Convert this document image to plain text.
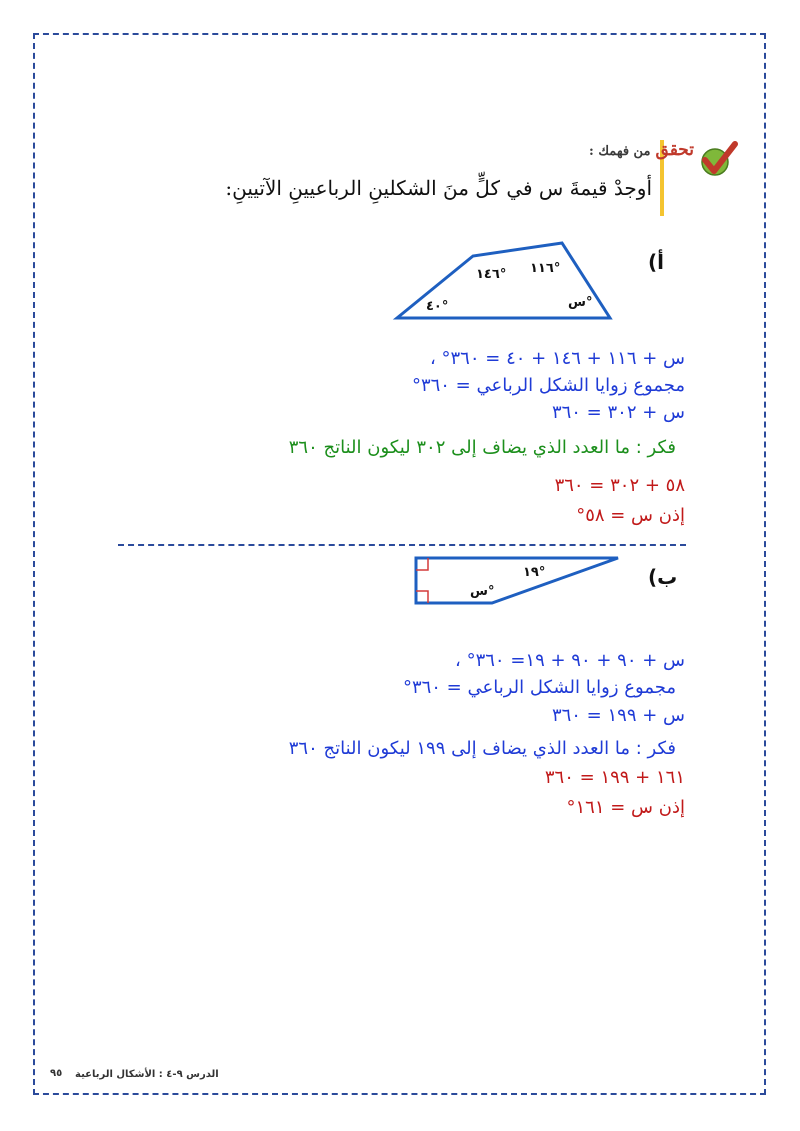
تحقق من فهمك :
أوجدْ قيمةَ س في كلٍّ منَ الشكلينِ الرباعيينِ الآتيينِ:
أ)
١٤٦° ١١٦°
٤٠°	س°
س + ١١٦ + ١٤٦ + ٤٠ = ٣٦٠° ،
مجموع زوايا الشكل الرباعي = ٣٦٠°
س + ٣٠٢ = ٣٦٠
فكر : ما العدد الذي يضاف إلى ٣٠٢ ليكون الناتج ٣٦٠
٥٨ + ٣٠٢ = ٣٦٠
إذن س = ٥٨°
ب)
١٩°
س°
س + ٩٠ + ٩٠ + ١٩= ٣٦٠° ،
مجموع زوايا الشكل الرباعي = ٣٦٠°
س + ١٩٩ = ٣٦٠
فكر : ما العدد الذي يضاف إلى ١٩٩ ليكون الناتج ٣٦٠
١٦١ + ١٩٩ = ٣٦٠
إذن س = ١٦١°
٩٥ الدرس ٩-٤ : الأشكال الرباعية
